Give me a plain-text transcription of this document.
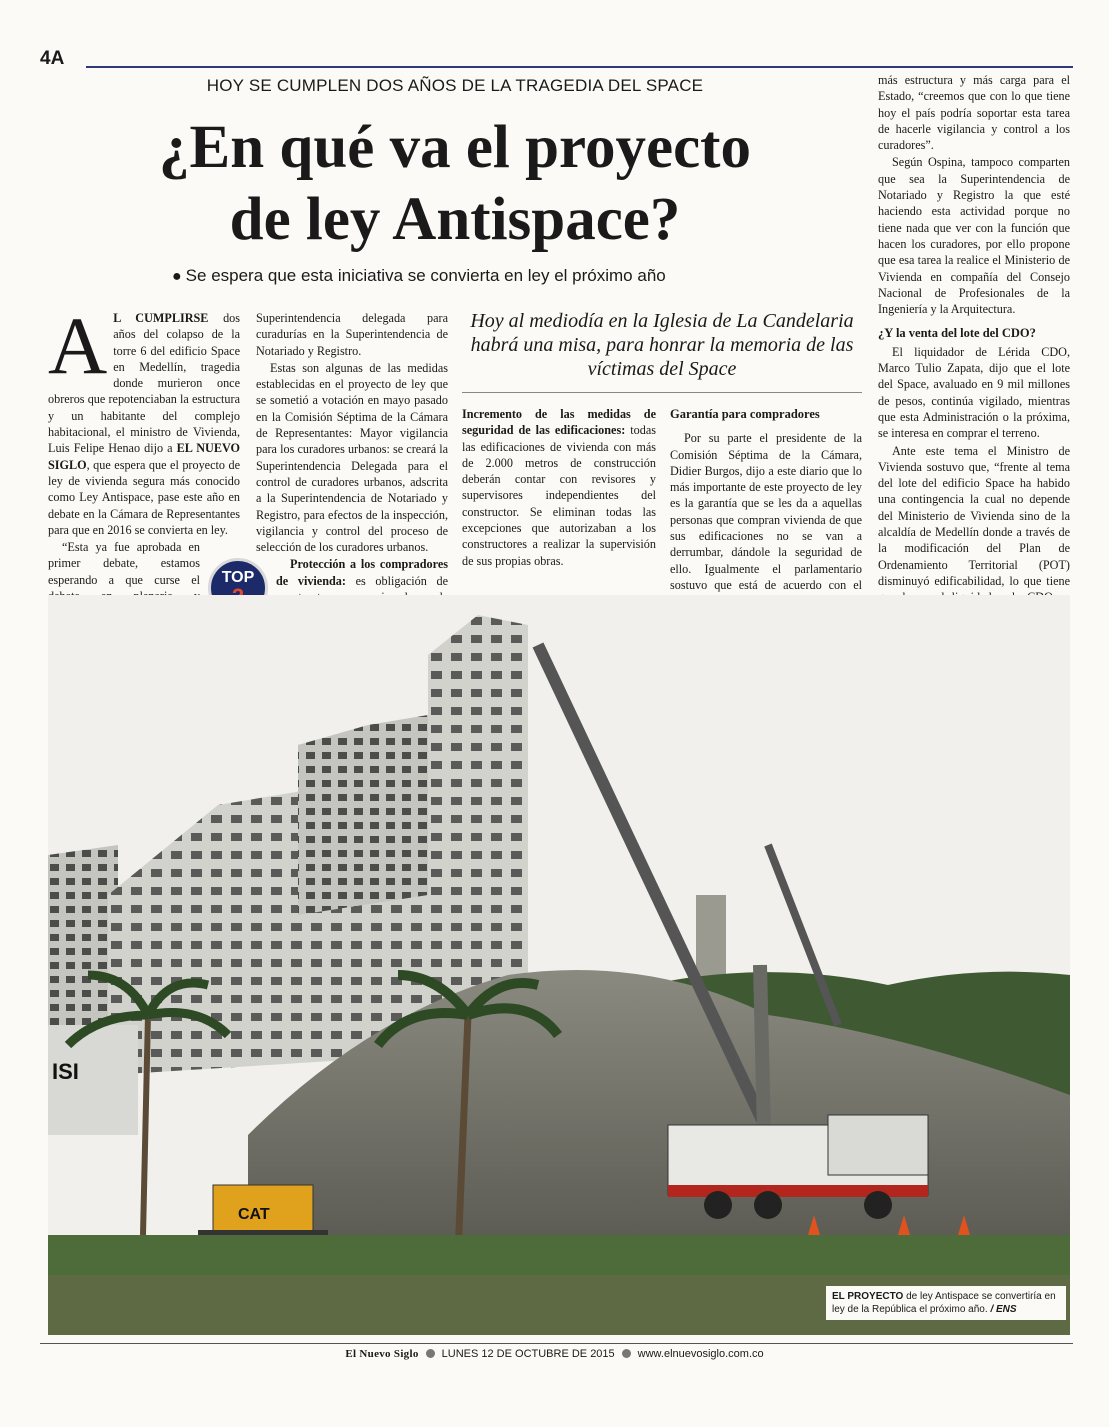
4A
HOY SE CUMPLEN DOS AÑOS DE LA TRAGEDIA DEL SPACE
¿En qué va el proyecto
de ley Antispace?
● Se espera que esta iniciativa se convierta en ley el próximo año
A L CUMPLIRSE dos años del colapso de la torre 6 del edificio Space en Medellín, tragedia donde murieron once obreros que repotenciaban la estructura y un habitante del complejo habitacional, el ministro de Vivienda, Luis Felipe Henao dijo a EL NUEVO SIGLO, que espera que el proyecto de ley de vivienda segura más conocido como Ley Antispace, pase este año en debate en la Cámara de Representantes para que en 2016 se convierta en ley.

“Esta ya fue aprobada en primer debate, estamos esperando a que curse el

Superintendencia delegada para curadurías en la Superintendencia de Notariado y Registro.

Estas son algunas de las medidas establecidas en el proyecto de ley que se sometió a votación en mayo pasado en la Comisión Séptima de la Cámara de Representantes: Mayor vigilancia para los curadores urbanos: se creará la Superintendencia Delegada para el control de curadores urbanos, adscrita a la Superintendencia de Notariado y Registro, para efectos de la inspección, vigilancia y control del proceso de selección de los curadores urbanos.

Protección a los compradores de vivienda: es obligación de

TOP
Hoy al mediodía en la Iglesia de La Candelaria habrá una misa, para honrar la memoria de las víctimas del Space

Incremento de las medidas de seguridad de las edificaciones: todas las edificaciones de vivienda con más de 2.000 metros de construcción deberán contar con revisores y supervisores independientes del constructor. Se eliminan todas las excepciones que autorizaban a los constructores a realizar la supervisión de sus propias obras.

Garantía para compradores

Por su parte el presidente de la Comisión Séptima de la Cámara, Didier Burgos, dijo a este diario que lo más importante de este proyecto de ley es la garantía que se les da a aquellas personas que compran vivienda de que sus edificaciones no se van a derrumbar, dándole la seguridad de ello. Igualmente el parlamentario sostuvo que está de acuerdo con el

más estructura y más carga para el Estado, “creemos que con lo que tiene hoy el país podría soportar esta tarea de hacerle vigilancia y control a los curadores”.

Según Ospina, tampoco comparten que sea la Superintendencia de Notariado y Registro la que esté haciendo esta actividad porque no tiene nada que ver con la función que hacen los curadores, por ello propone que esa tarea la realice el Ministerio de Vivienda en compañía del Consejo Nacional de Profesionales de la Ingeniería y la Arquitectura.

¿Y la venta del lote del CDO?

El liquidador de Lérida CDO, Marco Tulio Zapata, dijo que el lote del Space, avaluado en 9 mil millones de pesos, continúa vigilado, mientras que esta Administración o la próxima, se interesa en comprar el terreno.

Ante este tema el Ministro de Vivienda sostuvo que, “frente al tema del lote del edificio Space ha habido una contingencia la cual no depende del Ministerio de Vivienda sino de la alcaldía de Medellín donde a través de la modificación del Plan de Ordenamiento Territorial (POT) disminuyó edificabilidad, lo que tiene

ISI
CAT
EL PROYECTO de ley Antispace se convertiría en ley de la República el próximo año. / ENS
El Nuevo Siglo LUNES 12 DE OCTUBRE DE 2015 www.elnuevosiglo.com.co
